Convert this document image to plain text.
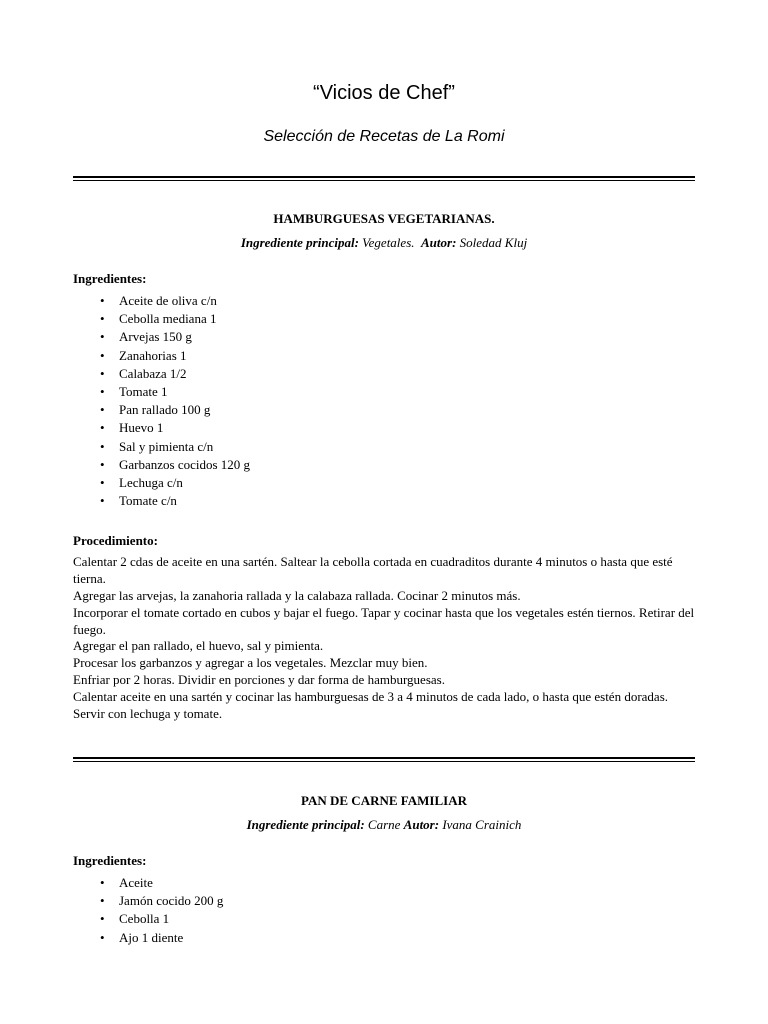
“Vicios de Chef”
Selección de Recetas de La Romi

HAMBURGUESAS VEGETARIANAS.

Ingrediente principal: Vegetales.  Autor: Soledad Kluj

Ingredientes:

• Aceite de oliva c/n
• Cebolla mediana 1
• Arvejas 150 g
• Zanahorias 1
• Calabaza 1/2
• Tomate 1
• Pan rallado 100 g
• Huevo 1
• Sal y pimienta c/n
• Garbanzos cocidos 120 g
• Lechuga c/n
• Tomate c/n

Procedimiento:

Calentar 2 cdas de aceite en una sartén. Saltear la cebolla cortada en cuadraditos durante 4 minutos o hasta que esté tierna.

Agregar las arvejas, la zanahoria rallada y la calabaza rallada. Cocinar 2 minutos más.

Incorporar el tomate cortado en cubos y bajar el fuego. Tapar y cocinar hasta que los vegetales estén tiernos. Retirar del fuego.

Agregar el pan rallado, el huevo, sal y pimienta.

Procesar los garbanzos y agregar a los vegetales. Mezclar muy bien.

Enfriar por 2 horas. Dividir en porciones y dar forma de hamburguesas.

Calentar aceite en una sartén y cocinar las hamburguesas de 3 a 4 minutos de cada lado, o hasta que estén doradas. Servir con lechuga y tomate.

PAN DE CARNE FAMILIAR

Ingrediente principal: Carne Autor: Ivana Crainich

Ingredientes:

• Aceite
• Jamón cocido 200 g
• Cebolla 1
• Ajo 1 diente
